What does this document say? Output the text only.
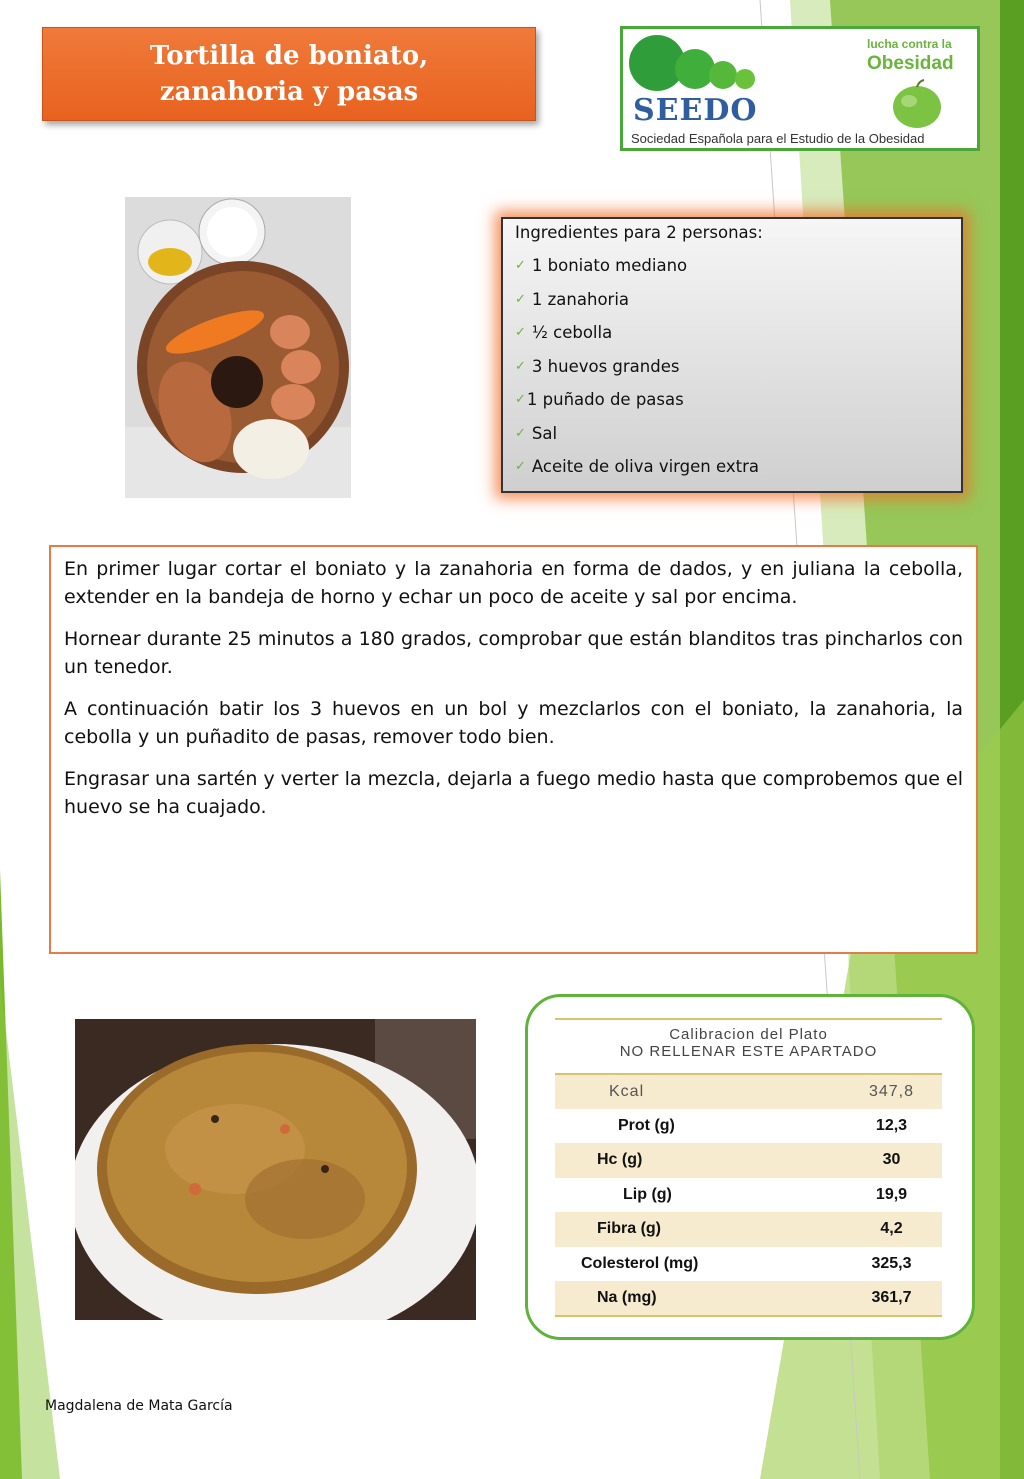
Tortilla de boniato,
zanahoria y pasas
SEEDO
lucha contra la
Obesidad
Sociedad Española para el Estudio de la Obesidad
Ingredientes para 2 personas:
✓ 1 boniato mediano
✓ 1 zanahoria
✓ ½ cebolla
✓ 3 huevos grandes
✓ 1 puñado de pasas
✓ Sal
✓ Aceite de oliva virgen extra

En primer lugar cortar el boniato y la zanahoria en forma de dados, y en juliana la cebolla, extender en la bandeja de horno y echar un poco de aceite y sal por encima.

Hornear durante 25 minutos a 180 grados, comprobar que están blanditos tras pincharlos con un tenedor.

A continuación batir los 3 huevos en un bol y mezclarlos con el boniato, la zanahoria, la cebolla y un puñadito de pasas, remover todo bien.

Engrasar una sartén y verter la mezcla, dejarla a fuego medio hasta que comprobemos que el huevo se ha cuajado.

Calibracion del Plato
NO RELLENAR ESTE APARTADO
Kcal	347,8
Prot (g)	12,3
Hc (g)	30
Lip (g)	19,9
Fibra (g)	4,2
Colesterol (mg)	325,3
Na (mg)	361,7
Magdalena de Mata García
